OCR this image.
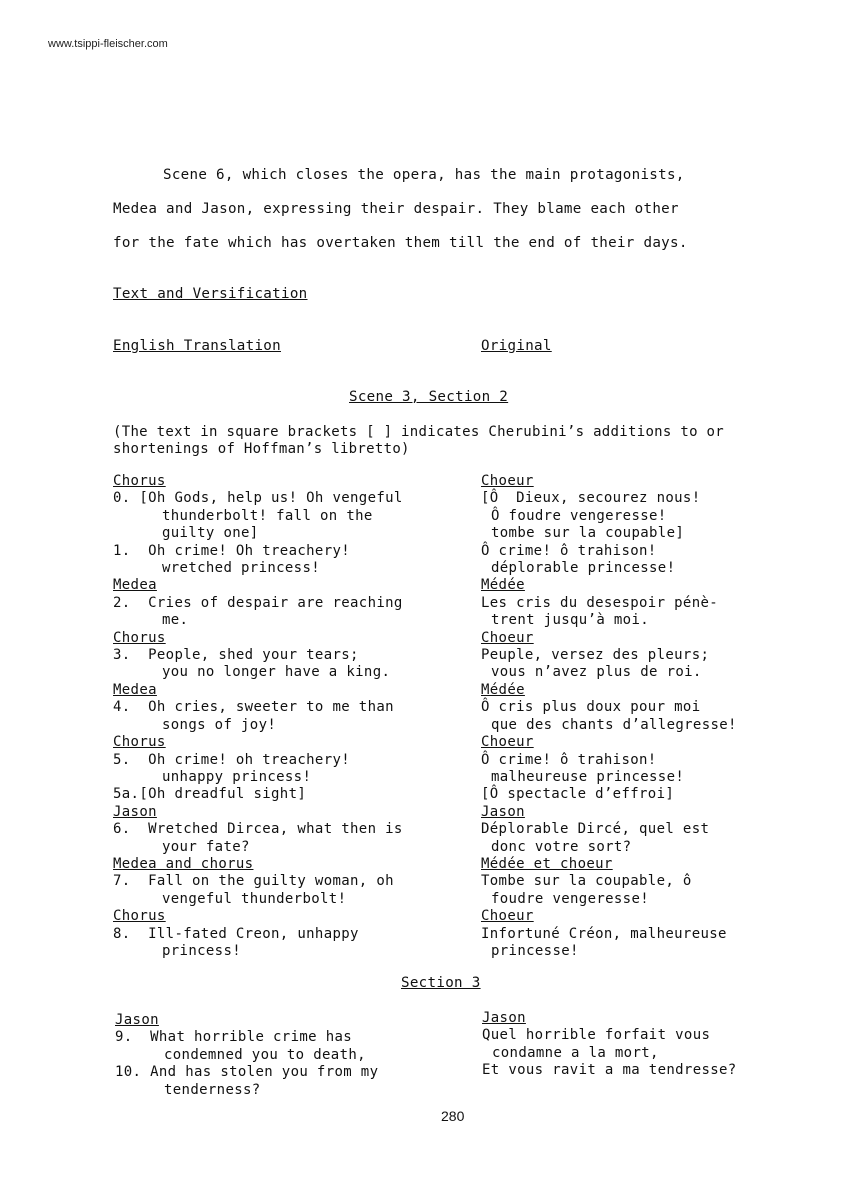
www.tsippi-fleischer.com
Scene 6, which closes the opera, has the main protagonists,
Medea and Jason, expressing their despair. They blame each other
for the fate which has overtaken them till the end of their days.
Text and Versification
English Translation	Original
Scene 3, Section 2
(The text in square brackets [ ] indicates Cherubini’s additions to or shortenings of Hoffman’s libretto)
Chorus
0. [Oh Gods, help us! Oh vengeful
thunderbolt! fall on the
guilty one]
1.  Oh crime! Oh treachery!
wretched princess!
Medea
2.  Cries of despair are reaching
me.
Chorus
3.  People, shed your tears;
you no longer have a king.
Medea
4.  Oh cries, sweeter to me than
songs of joy!
Chorus
5.  Oh crime! oh treachery!
unhappy princess!
5a.[Oh dreadful sight]
Jason
6.  Wretched Dircea, what then is
your fate?
Medea and chorus
7.  Fall on the guilty woman, oh
vengeful thunderbolt!
Chorus
8.  Ill-fated Creon, unhappy
princess!
Choeur
[Ô  Dieux, secourez nous!
Ô foudre vengeresse!
tombe sur la coupable]
Ô crime! ô trahison!
déplorable princesse!
Médée
Les cris du desespoir pénè-
trent jusqu’à moi.
Choeur
Peuple, versez des pleurs;
vous n’avez plus de roi.
Médée
Ô cris plus doux pour moi
que des chants d’allegresse!
Choeur
Ô crime! ô trahison!
malheureuse princesse!
[Ô spectacle d’effroi]
Jason
Déplorable Dircé, quel est
donc votre sort?
Médée et choeur
Tombe sur la coupable, ô
foudre vengeresse!
Choeur
Infortuné Créon, malheureuse
princesse!
Section 3
Jason
9.  What horrible crime has
condemned you to death,
10. And has stolen you from my
tenderness?
Jason
Quel horrible forfait vous
condamne a la mort,
Et vous ravit a ma tendresse?
280
